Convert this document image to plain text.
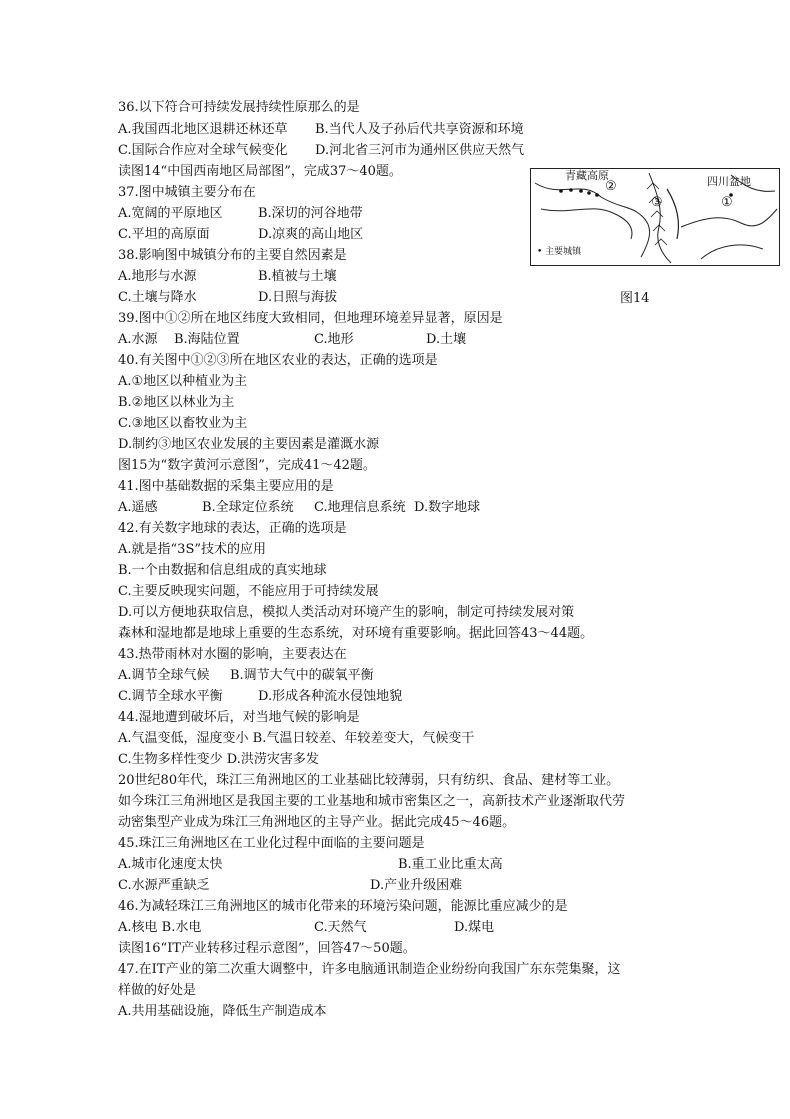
36.以下符合可持续发展持续性原那么的是
A.我国西北地区退耕还林还草 B.当代人及子孙后代共享资源和环境
C.国际合作应对全球气候变化 D.河北省三河市为通州区供应天然气
读图14“中国西南地区局部图”，完成37～40题。
37.图中城镇主要分布在
A.宽阔的平原地区	B.深切的河谷地带
C.平坦的高原面	D.凉爽的高山地区
38.影响图中城镇分布的主要自然因素是
A.地形与水源	B.植被与土壤
C.土壤与降水	D.日照与海拔
39.图中①②所在地区纬度大致相同，但地理环境差异显著，原因是
A.水源 B.海陆位置	C.地形	D.土壤
40.有关图中①②③所在地区农业的表达，正确的选项是
A.①地区以种植业为主
B.②地区以林业为主
C.③地区以畜牧业为主
D.制约③地区农业发展的主要因素是灌溉水源
图15为“数字黄河示意图”，完成41～42题。
41.图中基础数据的采集主要应用的是
A.遥感	B.全球定位系统 C.地理信息系统 D.数字地球
42.有关数字地球的表达，正确的选项是
A.就是指“3S”技术的应用
B.一个由数据和信息组成的真实地球
C.主要反映现实问题，不能应用于可持续发展
D.可以方便地获取信息，模拟人类活动对环境产生的影响，制定可持续发展对策
森林和湿地都是地球上重要的生态系统，对环境有重要影响。据此回答43～44题。
43.热带雨林对水圈的影响，主要表达在
A.调节全球气候 B.调节大气中的碳氧平衡
C.调节全球水平衡	D.形成各种流水侵蚀地貌
44.湿地遭到破坏后，对当地气候的影响是
A.气温变低，湿度变小 B.气温日较差、年较差变大，气候变干
C.生物多样性变少 D.洪涝灾害多发
20世纪80年代，珠江三角洲地区的工业基础比较薄弱，只有纺织、食品、建材等工业。
如今珠江三角洲地区是我国主要的工业基地和城市密集区之一，高新技术产业逐渐取代劳
动密集型产业成为珠江三角洲地区的主导产业。据此完成45～46题。
45.珠江三角洲地区在工业化过程中面临的主要问题是
A.城市化速度太快	B.重工业比重太高
C.水源严重缺乏	D.产业升级困难
46.为减轻珠江三角洲地区的城市化带来的环境污染问题，能源比重应减少的是
A.核电 B.水电	C.天然气	D.煤电
读图16“IT产业转移过程示意图”，回答47～50题。
47.在IT产业的第二次重大调整中，许多电脑通讯制造企业纷纷向我国广东东莞集聚，这
样做的好处是
A.共用基础设施，降低生产制造成本
青藏高原
②
③
四川盆地
①
• 主要城镇
图14
